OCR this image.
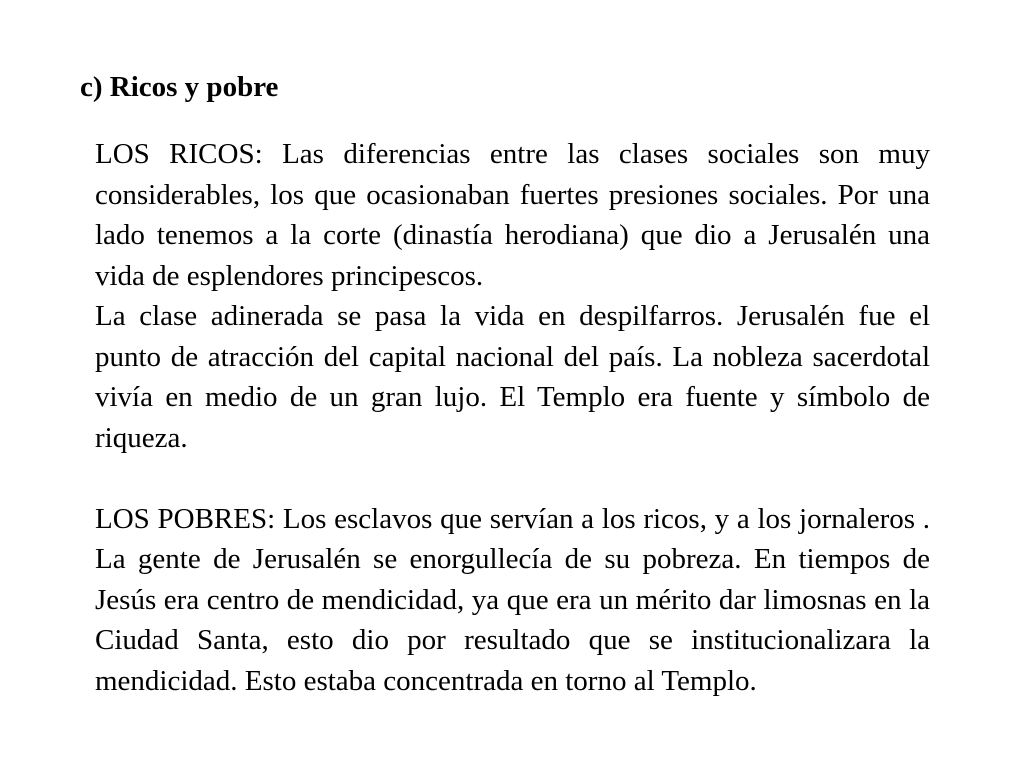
c) Ricos y pobre

LOS RICOS: Las diferencias entre las clases sociales son muy considerables, los que ocasionaban fuertes presiones sociales. Por una lado tenemos a la corte (dinastía herodiana) que dio a Jerusalén una vida de esplendores principescos.

La clase adinerada se pasa la vida en despilfarros. Jerusalén fue el punto de atracción del capital nacional del país. La nobleza sacerdotal vivía en medio de un gran lujo. El Templo era fuente y símbolo de riqueza.

LOS POBRES: Los esclavos que servían a los ricos, y a los jornaleros . La gente de Jerusalén se enorgullecía de su pobreza. En tiempos de Jesús era centro de mendicidad, ya que era un mérito dar limosnas en la Ciudad Santa, esto dio por resultado que se institucionalizara la mendicidad. Esto estaba concentrada en torno al Templo.
